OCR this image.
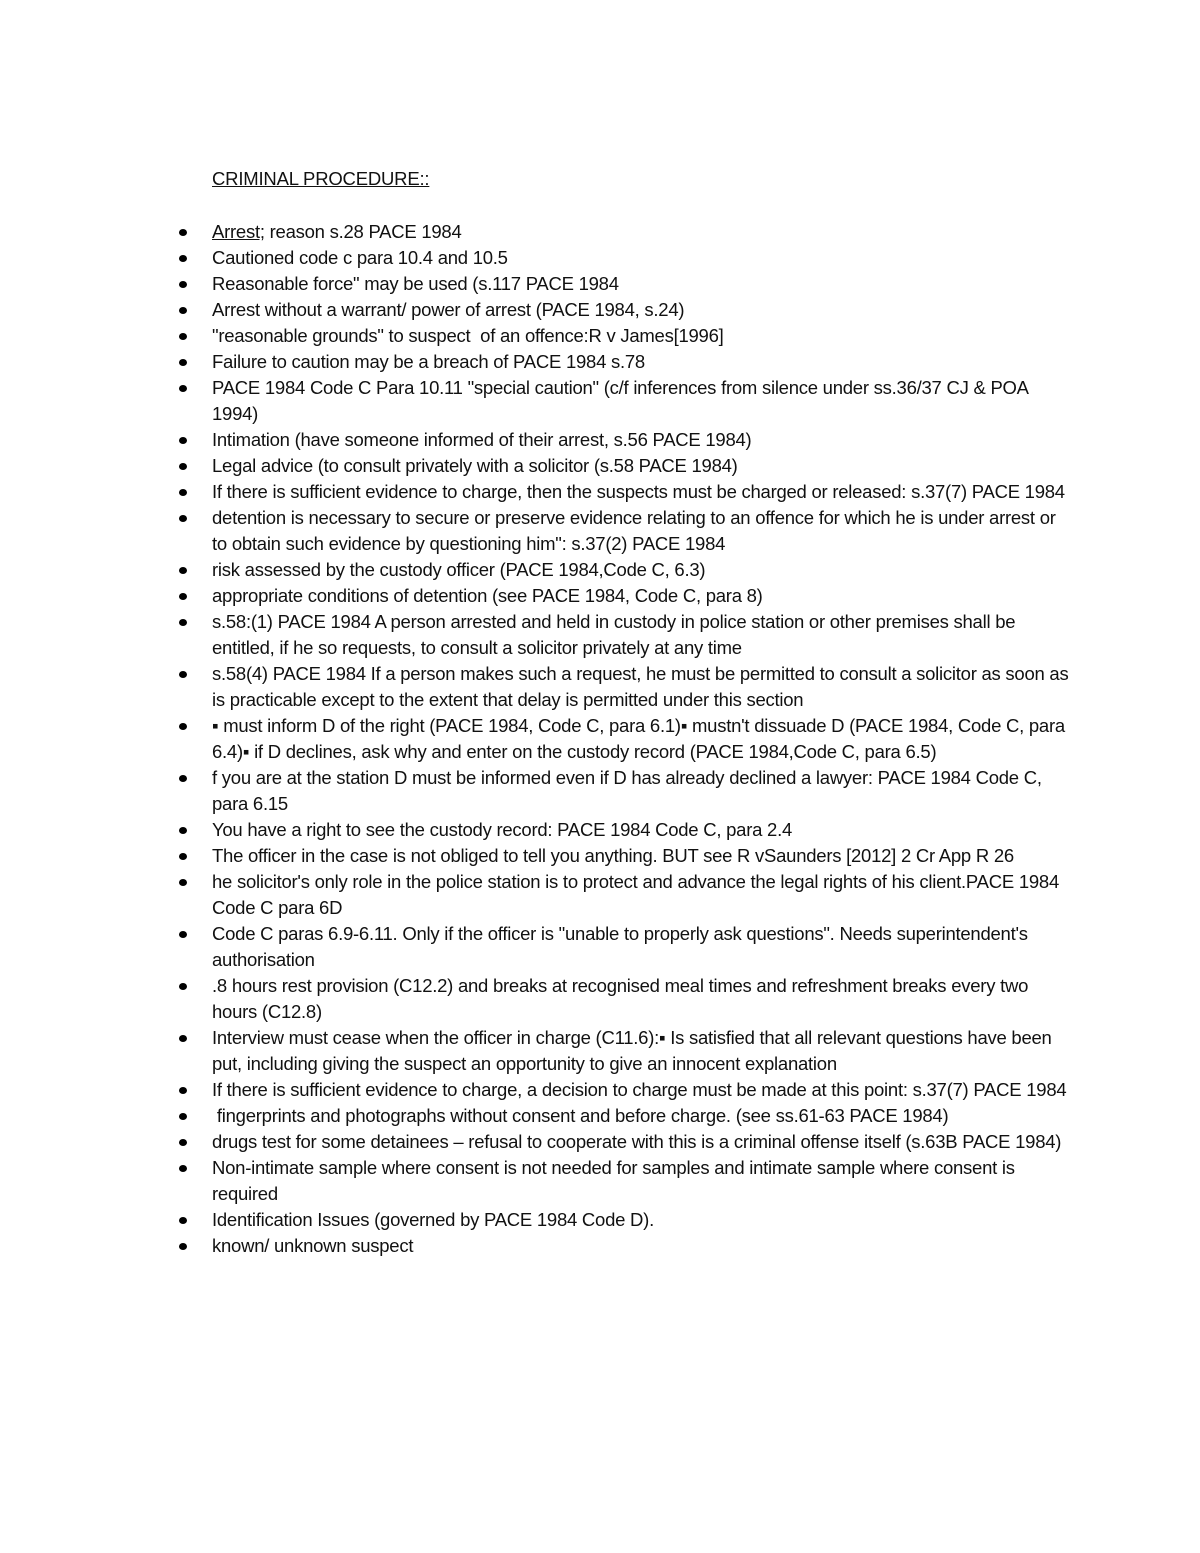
CRIMINAL PROCEDURE::
Arrest; reason s.28 PACE 1984
Cautioned code c para 10.4 and 10.5
Reasonable force" may be used (s.117 PACE 1984
Arrest without a warrant/ power of arrest (PACE 1984, s.24)
"reasonable grounds" to suspect  of an offence:R v James[1996]
Failure to caution may be a breach of PACE 1984 s.78
PACE 1984 Code C Para 10.11 "special caution" (c/f inferences from silence under ss.36/37 CJ & POA 1994)
Intimation (have someone informed of their arrest, s.56 PACE 1984)
Legal advice (to consult privately with a solicitor (s.58 PACE 1984)
If there is sufficient evidence to charge, then the suspects must be charged or released: s.37(7) PACE 1984
detention is necessary to secure or preserve evidence relating to an offence for which he is under arrest or to obtain such evidence by questioning him": s.37(2) PACE 1984
risk assessed by the custody officer (PACE 1984,Code C, 6.3)
appropriate conditions of detention (see PACE 1984, Code C, para 8)
s.58:(1) PACE 1984 A person arrested and held in custody in police station or other premises shall be entitled, if he so requests, to consult a solicitor privately at any time
s.58(4) PACE 1984 If a person makes such a request, he must be permitted to consult a solicitor as soon as is practicable except to the extent that delay is permitted under this section
▪ must inform D of the right (PACE 1984, Code C, para 6.1)▪ mustn't dissuade D (PACE 1984, Code C, para 6.4)▪ if D declines, ask why and enter on the custody record (PACE 1984,Code C, para 6.5)
f you are at the station D must be informed even if D has already declined a lawyer: PACE 1984 Code C, para 6.15
You have a right to see the custody record: PACE 1984 Code C, para 2.4
The officer in the case is not obliged to tell you anything. BUT see R vSaunders [2012] 2 Cr App R 26
he solicitor's only role in the police station is to protect and advance the legal rights of his client.PACE 1984 Code C para 6D
Code C paras 6.9-6.11. Only if the officer is "unable to properly ask questions". Needs superintendent's authorisation
.8 hours rest provision (C12.2) and breaks at recognised meal times and refreshment breaks every two hours (C12.8)
Interview must cease when the officer in charge (C11.6):▪ Is satisfied that all relevant questions have been put, including giving the suspect an opportunity to give an innocent explanation
If there is sufficient evidence to charge, a decision to charge must be made at this point: s.37(7) PACE 1984
fingerprints and photographs without consent and before charge. (see ss.61-63 PACE 1984)
drugs test for some detainees – refusal to cooperate with this is a criminal offense itself (s.63B PACE 1984)
Non-intimate sample where consent is not needed for samples and intimate sample where consent is required
Identification Issues (governed by PACE 1984 Code D).
known/ unknown suspect
